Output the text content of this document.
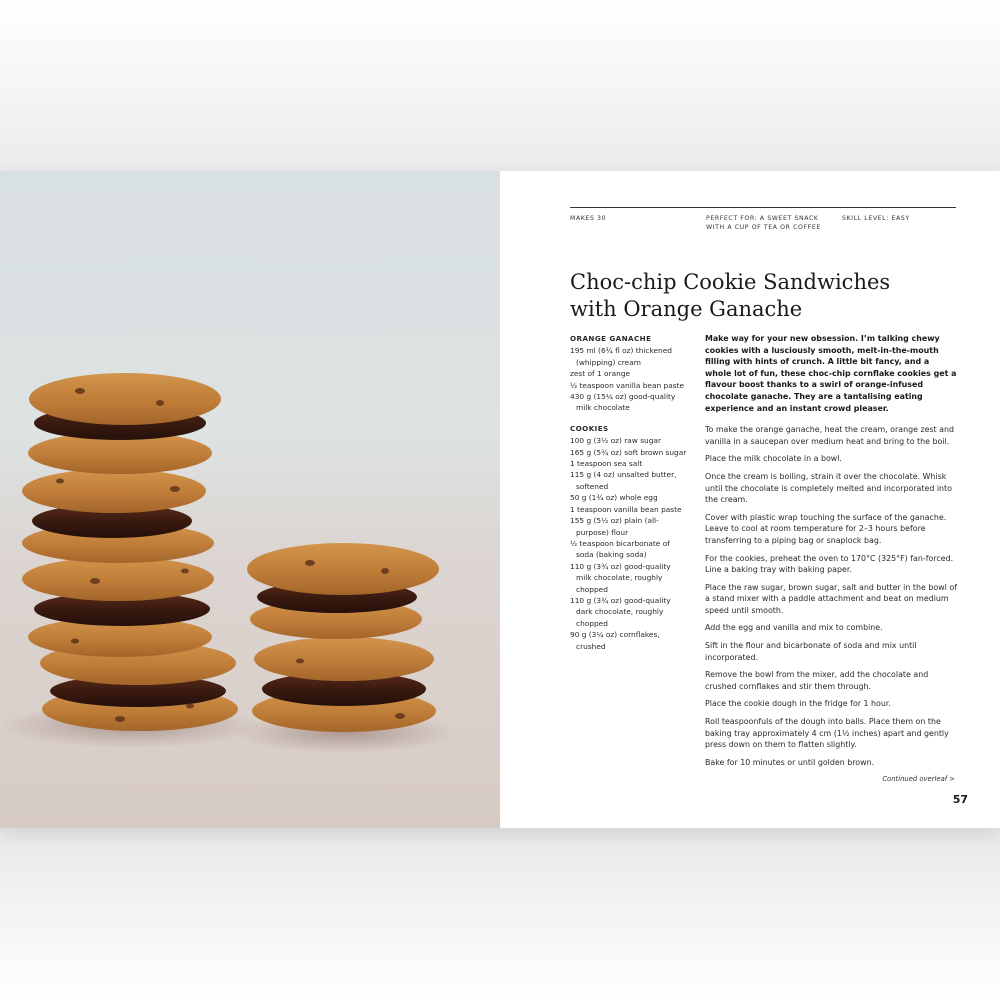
MAKES 30	PERFECT FOR: A SWEET SNACK
WITH A CUP OF TEA OR COFFEE
SKILL LEVEL: EASY
Choc-chip Cookie Sandwiches
with Orange Ganache
ORANGE GANACHE
195 ml (6¾ fl oz) thickened (whipping) cream
zest of 1 orange
½ teaspoon vanilla bean paste
430 g (15¼ oz) good-quality milk chocolate
COOKIES
100 g (3½ oz) raw sugar
165 g (5¾ oz) soft brown sugar
1 teaspoon sea salt
115 g (4 oz) unsalted butter, softened
50 g (1¾ oz) whole egg
1 teaspoon vanilla bean paste
155 g (5½ oz) plain (all-purpose) flour
½ teaspoon bicarbonate of soda (baking soda)
110 g (3¾ oz) good-quality milk chocolate, roughly chopped
110 g (3¾ oz) good-quality dark chocolate, roughly chopped
90 g (3¼ oz) cornflakes, crushed

Make way for your new obsession. I’m talking chewy cookies with a lusciously smooth, melt-in-the-mouth filling with hints of crunch. A little bit fancy, and a whole lot of fun, these choc-chip cornflake cookies get a flavour boost thanks to a swirl of orange-infused chocolate ganache. They are a tantalising eating experience and an instant crowd pleaser.

To make the orange ganache, heat the cream, orange zest and vanilla in a saucepan over medium heat and bring to the boil.

Place the milk chocolate in a bowl.

Once the cream is boiling, strain it over the chocolate. Whisk until the chocolate is completely melted and incorporated into the cream.

Cover with plastic wrap touching the surface of the ganache. Leave to cool at room temperature for 2–3 hours before transferring to a piping bag or snaplock bag.

For the cookies, preheat the oven to 170°C (325°F) fan-forced. Line a baking tray with baking paper.

Place the raw sugar, brown sugar, salt and butter in the bowl of a stand mixer with a paddle attachment and beat on medium speed until smooth.

Add the egg and vanilla and mix to combine.

Sift in the flour and bicarbonate of soda and mix until incorporated.

Remove the bowl from the mixer, add the chocolate and crushed cornflakes and stir them through.

Place the cookie dough in the fridge for 1 hour.

Roll teaspoonfuls of the dough into balls. Place them on the baking tray approximately 4 cm (1½ inches) apart and gently press down on them to flatten slightly.

Bake for 10 minutes or until golden brown.

Continued overleaf >
57
